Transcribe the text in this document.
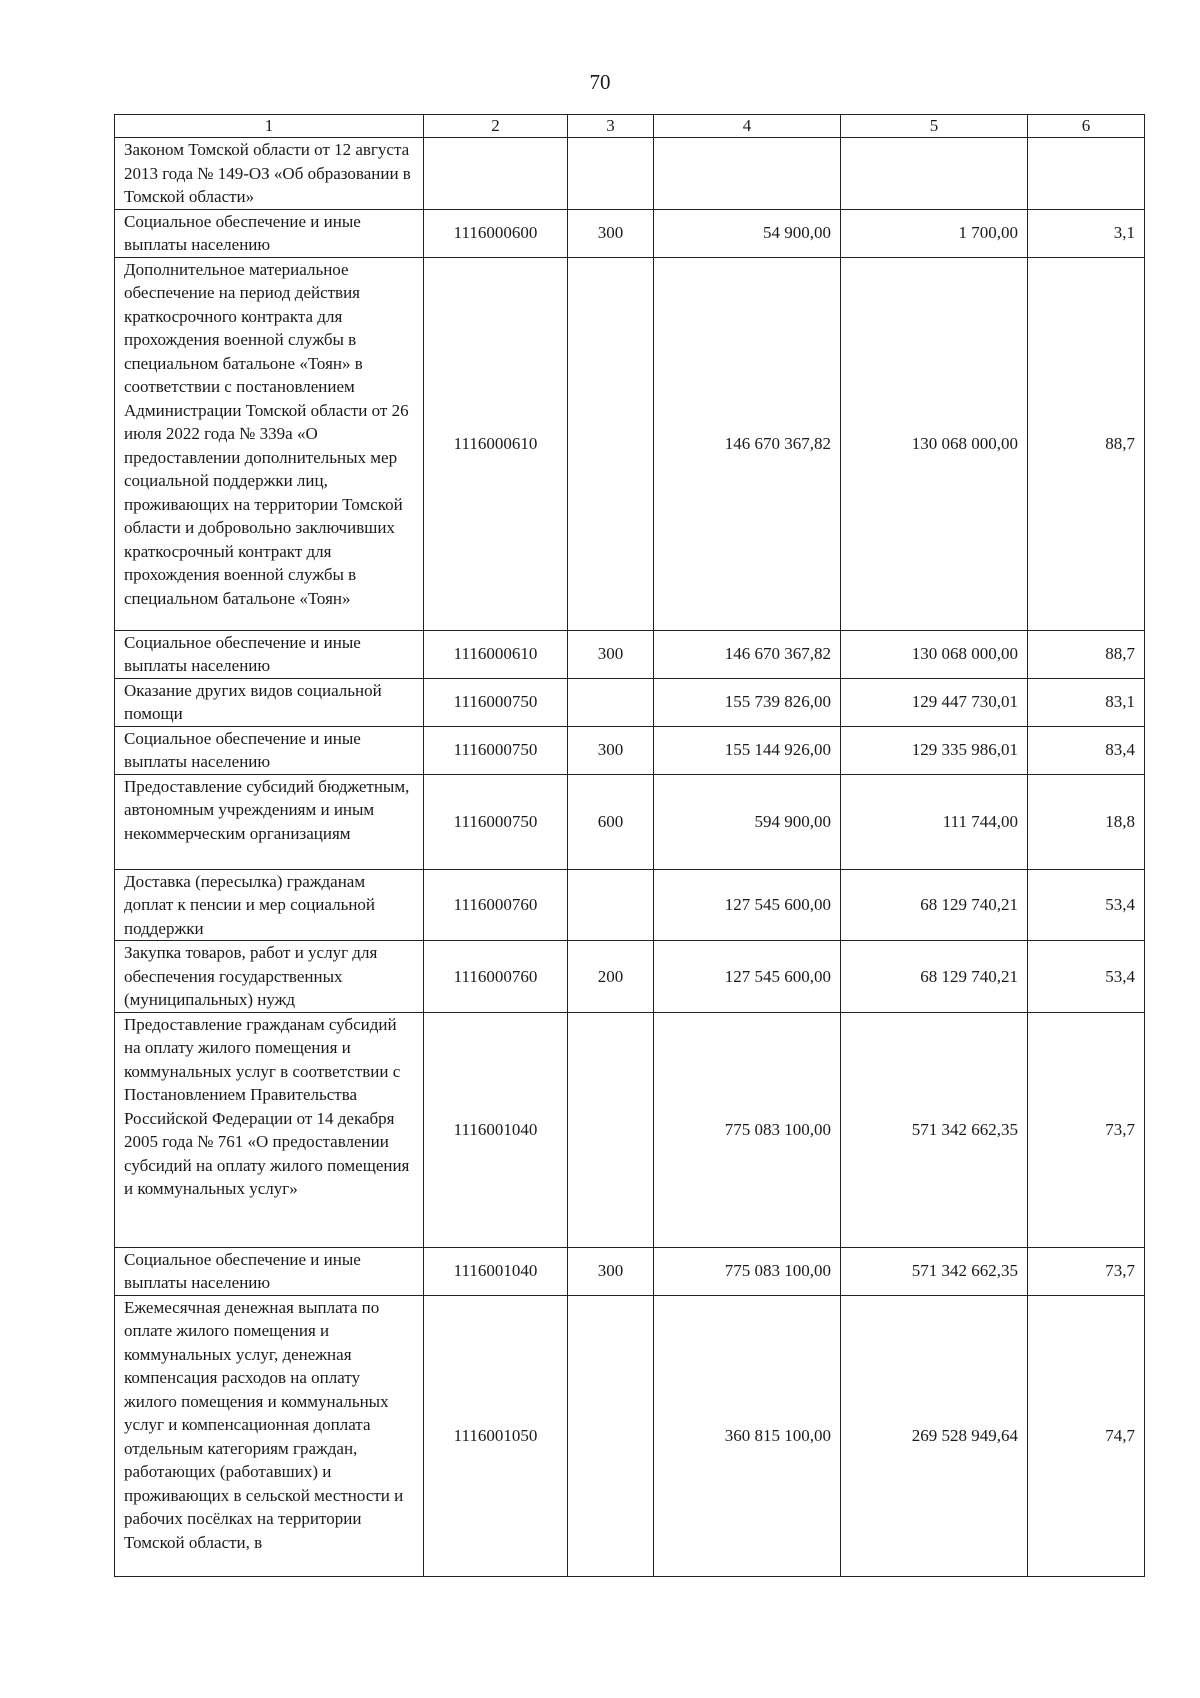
70
1	2	3	4	5	6
Законом Томской области от 12 августа 2013 года № 149-ОЗ «Об образовании в Томской области»					
Социальное обеспечение и иные выплаты населению	1116000600	300	54 900,00	1 700,00	3,1
Дополнительное материальное обеспечение на период действия краткосрочного контракта для прохождения военной службы в специальном батальоне «Тоян» в соответствии с постановлением Администрации Томской области от 26 июля 2022 года № 339а «О предоставлении дополнительных мер социальной поддержки лиц, проживающих на территории Томской области и добровольно заключивших краткосрочный контракт для прохождения военной службы в специальном батальоне «Тоян»	1116000610		146 670 367,82	130 068 000,00	88,7
Социальное обеспечение и иные выплаты населению	1116000610	300	146 670 367,82	130 068 000,00	88,7
Оказание других видов социальной помощи	1116000750		155 739 826,00	129 447 730,01	83,1
Социальное обеспечение и иные выплаты населению	1116000750	300	155 144 926,00	129 335 986,01	83,4
Предоставление субсидий бюджетным, автономным учреждениям и иным некоммерческим организациям	1116000750	600	594 900,00	111 744,00	18,8
Доставка (пересылка) гражданам доплат к пенсии и мер социальной поддержки	1116000760		127 545 600,00	68 129 740,21	53,4
Закупка товаров, работ и услуг для обеспечения государственных (муниципальных) нужд	1116000760	200	127 545 600,00	68 129 740,21	53,4
Предоставление гражданам субсидий на оплату жилого помещения и коммунальных услуг в соответствии с Постановлением Правительства Российской Федерации от 14 декабря 2005 года № 761 «О предоставлении субсидий на оплату жилого помещения и коммунальных услуг»	1116001040		775 083 100,00	571 342 662,35	73,7
Социальное обеспечение и иные выплаты населению	1116001040	300	775 083 100,00	571 342 662,35	73,7
Ежемесячная денежная выплата по оплате жилого помещения и коммунальных услуг, денежная компенсация расходов на оплату жилого помещения и коммунальных услуг и компенсационная доплата отдельным категориям граждан, работающих (работавших) и проживающих в сельской местности и рабочих посёлках на территории Томской области, в	1116001050		360 815 100,00	269 528 949,64	74,7
